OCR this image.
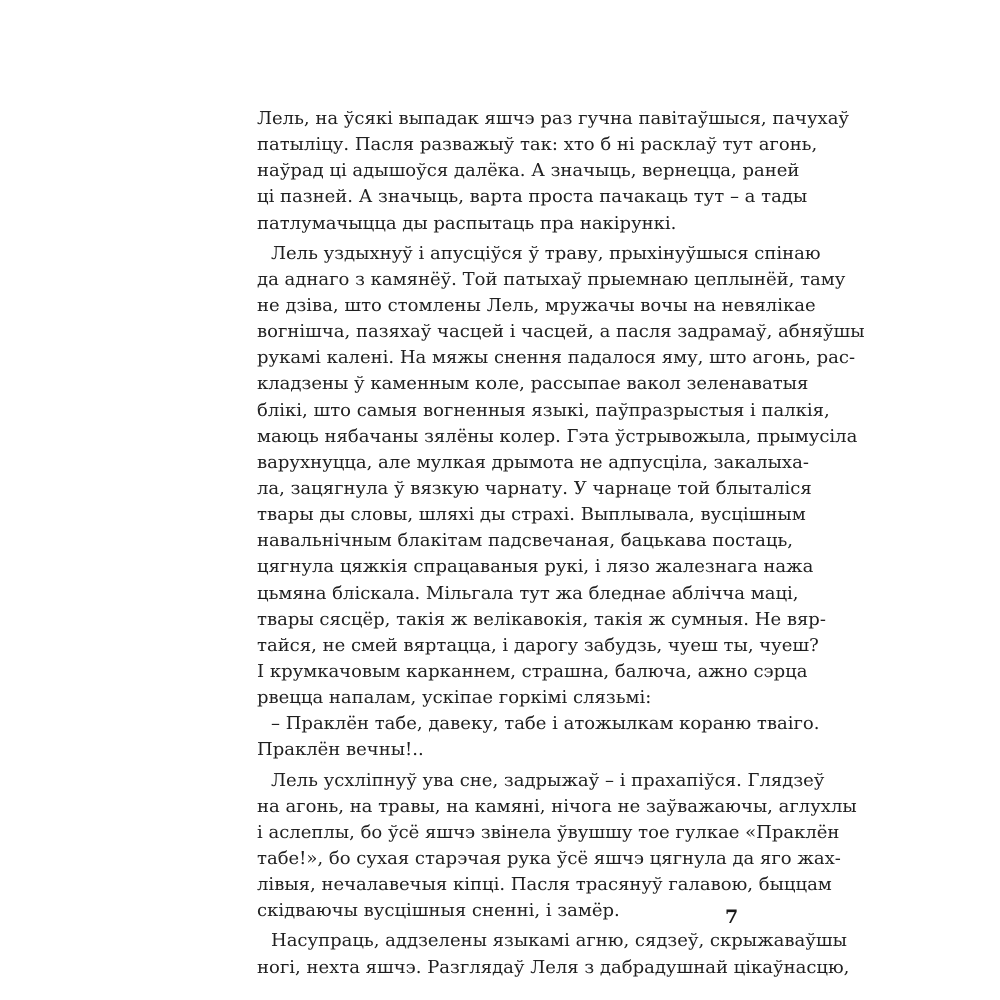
Лель, на ўсякі выпадак яшчэ раз гучна павітаўшыся, пачухаў
патыліцу. Пасля разважыў так: хто б ні расклаў тут агонь,
наўрад ці адышоўся далёка. А значыць, вернецца, раней
ці пазней. А значыць, варта проста пачакаць тут – а тады
патлумачыцца ды распытаць пра накірункі.
Лель уздыхнуў і апусціўся ў траву, прыхінуўшыся спінаю
да аднаго з камянёў. Той патыхаў прыемнаю цеплынёй, таму
не дзіва, што стомлены Лель, мружачы вочы на невялікае
вогнішча, пазяхаў часцей і часцей, а пасля задрамаў, абняўшы
рукамі калені. На мяжы снення падалося яму, што агонь, рас-
кладзены ў каменным коле, рассыпае вакол зеленаватыя
блікі, што самыя вогненныя языкі, паўпразрыстыя і палкія,
маюць нябачаны зялёны колер. Гэта ўстрывожыла, прымусіла
варухнуцца, але мулкая дрымота не адпусціла, закалыха-
ла, зацягнула ў вязкую чарнату. У чарнаце той блыталіся
твары ды словы, шляхі ды страхі. Выплывала, вусцішным
навальнічным блакітам падсвечаная, бацькава постаць,
цягнула цяжкія спрацаваныя рукі, і лязо жалезнага нажа
цьмяна бліскала. Мільгала тут жа бледнае аблічча маці,
твары сясцёр, такія ж велікавокія, такія ж сумныя. Не вяр-
тайся, не смей вяртацца, і дарогу забудзь, чуеш ты, чуеш?
І крумкачовым карканнем, страшна, балюча, ажно сэрца
рвецца напалам, ускіпае горкімі слязьмі:
– Праклён табе, давеку, табе і атожылкам кораню тваіго.
Праклён вечны!..
Лель усхліпнуў ува сне, задрыжаў – і прахапіўся. Глядзеў
на агонь, на травы, на камяні, нічога не заўважаючы, аглухлы
і аслеплы, бо ўсё яшчэ звінела ўвушшу тое гулкае «Праклён
табе!», бо сухая старэчая рука ўсё яшчэ цягнула да яго жах-
лівыя, нечалавечыя кіпці. Пасля трасянуў галавою, быццам
скідваючы вусцішныя сненні, і замёр.
Насупраць, аддзелены языкамі агню, сядзеў, скрыжаваўшы
ногі, нехта яшчэ. Разглядаў Леля з дабрадушнай цікаўнасцю,
7
